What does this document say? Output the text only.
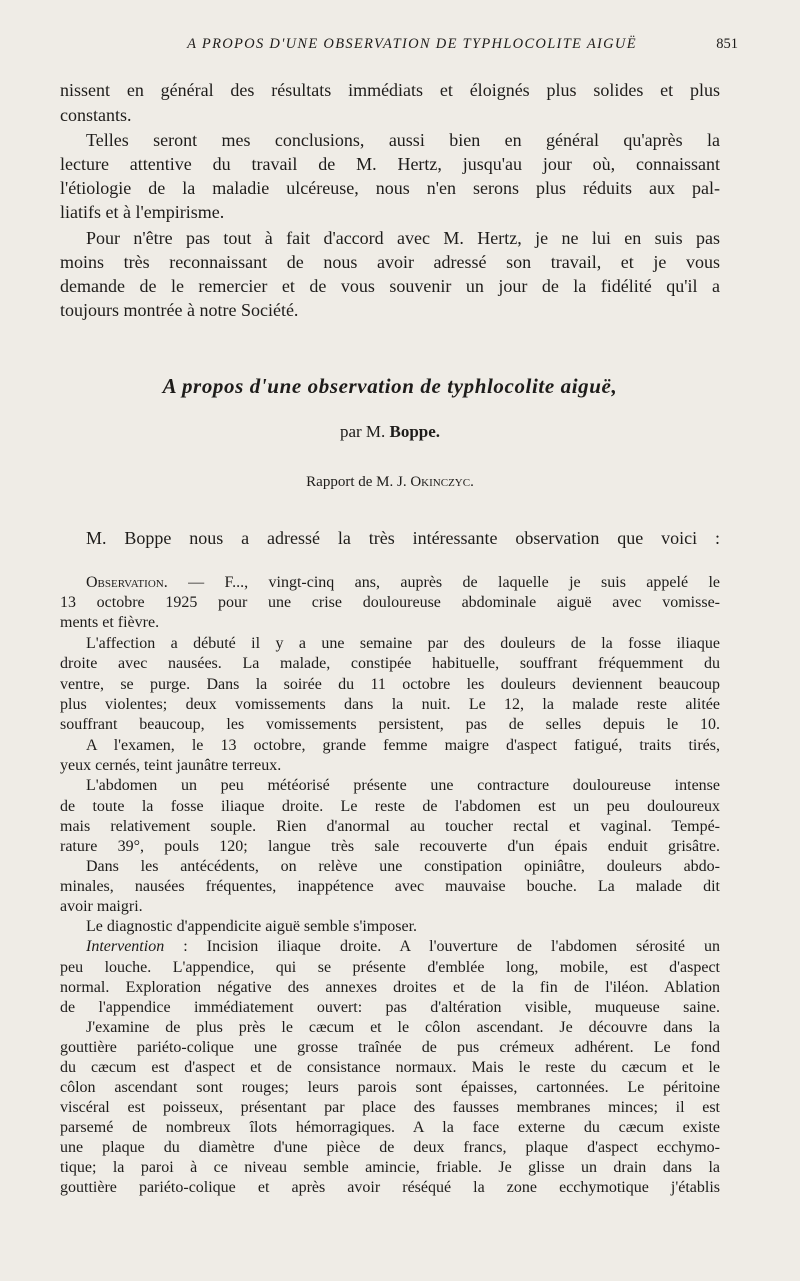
A PROPOS D'UNE OBSERVATION DE TYPHLOCOLITE AIGUË	851
nissent en général des résultats immédiats et éloignés plus solides et plus
constants.
Telles seront mes conclusions, aussi bien en général qu'après la
lecture attentive du travail de M. Hertz, jusqu'au jour où, connaissant
l'étiologie de la maladie ulcéreuse, nous n'en serons plus réduits aux pal-
liatifs et à l'empirisme.
Pour n'être pas tout à fait d'accord avec M. Hertz, je ne lui en suis pas
moins très reconnaissant de nous avoir adressé son travail, et je vous
demande de le remercier et de vous souvenir un jour de la fidélité qu'il a
toujours montrée à notre Société.
A propos d'une observation de typhlocolite aiguë,
par M. Boppe.
Rapport de M. J. Okinczyc.
M. Boppe nous a adressé la très intéressante observation que voici :
Observation. — F..., vingt-cinq ans, auprès de laquelle je suis appelé le
13 octobre 1925 pour une crise douloureuse abdominale aiguë avec vomisse-
ments et fièvre.
L'affection a débuté il y a une semaine par des douleurs de la fosse iliaque
droite avec nausées. La malade, constipée habituelle, souffrant fréquemment du
ventre, se purge. Dans la soirée du 11 octobre les douleurs deviennent beaucoup
plus violentes; deux vomissements dans la nuit. Le 12, la malade reste alitée
souffrant beaucoup, les vomissements persistent, pas de selles depuis le 10.
A l'examen, le 13 octobre, grande femme maigre d'aspect fatigué, traits tirés,
yeux cernés, teint jaunâtre terreux.
L'abdomen un peu météorisé présente une contracture douloureuse intense
de toute la fosse iliaque droite. Le reste de l'abdomen est un peu douloureux
mais relativement souple. Rien d'anormal au toucher rectal et vaginal. Tempé-
rature 39°, pouls 120; langue très sale recouverte d'un épais enduit grisâtre.
Dans les antécédents, on relève une constipation opiniâtre, douleurs abdo-
minales, nausées fréquentes, inappétence avec mauvaise bouche. La malade dit
avoir maigri.
Le diagnostic d'appendicite aiguë semble s'imposer.
Intervention : Incision iliaque droite. A l'ouverture de l'abdomen sérosité un
peu louche. L'appendice, qui se présente d'emblée long, mobile, est d'aspect
normal. Exploration négative des annexes droites et de la fin de l'iléon. Ablation
de l'appendice immédiatement ouvert: pas d'altération visible, muqueuse saine.
J'examine de plus près le cæcum et le côlon ascendant. Je découvre dans la
gouttière pariéto-colique une grosse traînée de pus crémeux adhérent. Le fond
du cæcum est d'aspect et de consistance normaux. Mais le reste du cæcum et le
côlon ascendant sont rouges; leurs parois sont épaisses, cartonnées. Le péritoine
viscéral est poisseux, présentant par place des fausses membranes minces; il est
parsemé de nombreux îlots hémorragiques. A la face externe du cæcum existe
une plaque du diamètre d'une pièce de deux francs, plaque d'aspect ecchymo-
tique; la paroi à ce niveau semble amincie, friable. Je glisse un drain dans la
gouttière pariéto-colique et après avoir réséqué la zone ecchymotique j'établis
